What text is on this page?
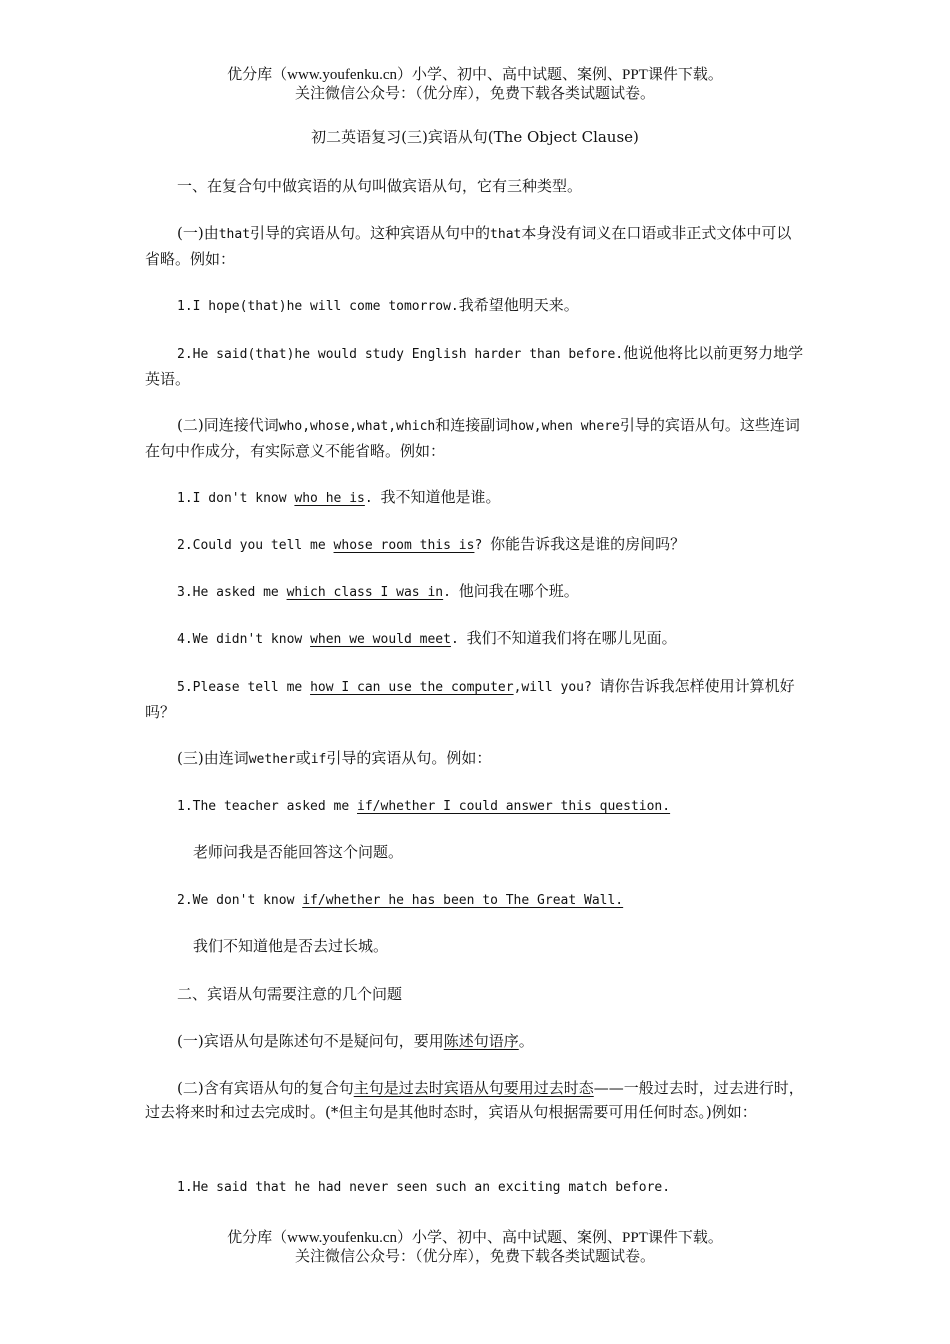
优分库（www.youfenku.cn）小学、初中、高中试题、案例、PPT课件下载。
关注微信公众号：（优分库），免费下载各类试题试卷。
初二英语复习(三)宾语从句(The Object Clause)
一、在复合句中做宾语的从句叫做宾语从句，它有三种类型。
(一)由that引导的宾语从句。这种宾语从句中的that本身没有词义在口语或非正式文体中可以省略。例如：
1.I hope(that)he will come tomorrow.我希望他明天来。
2.He said(that)he would study English harder than before.他说他将比以前更努力地学英语。
(二)同连接代词who,whose,what,which和连接副词how,when where引导的宾语从句。这些连词在句中作成分，有实际意义不能省略。例如：
1.I don't know who he is. 我不知道他是谁。
2.Could you tell me whose room this is? 你能告诉我这是谁的房间吗？
3.He asked me which class I was in. 他问我在哪个班。
4.We didn't know when we would meet. 我们不知道我们将在哪儿见面。
5.Please tell me how I can use the computer,will you? 请你告诉我怎样使用计算机好吗？
(三)由连词wether或if引导的宾语从句。例如：
1.The teacher asked me if/whether I could answer this question.
老师问我是否能回答这个问题。
2.We don't know if/whether he has been to The Great Wall.
我们不知道他是否去过长城。
二、宾语从句需要注意的几个问题
(一)宾语从句是陈述句不是疑问句，要用陈述句语序。
(二)含有宾语从句的复合句主句是过去时宾语从句要用过去时态——一般过去时，过去进行时，过去将来时和过去完成时。(*但主句是其他时态时，宾语从句根据需要可用任何时态。)例如：
1.He said that he had never seen such an exciting match before.
优分库（www.youfenku.cn）小学、初中、高中试题、案例、PPT课件下载。
关注微信公众号：（优分库），免费下载各类试题试卷。
